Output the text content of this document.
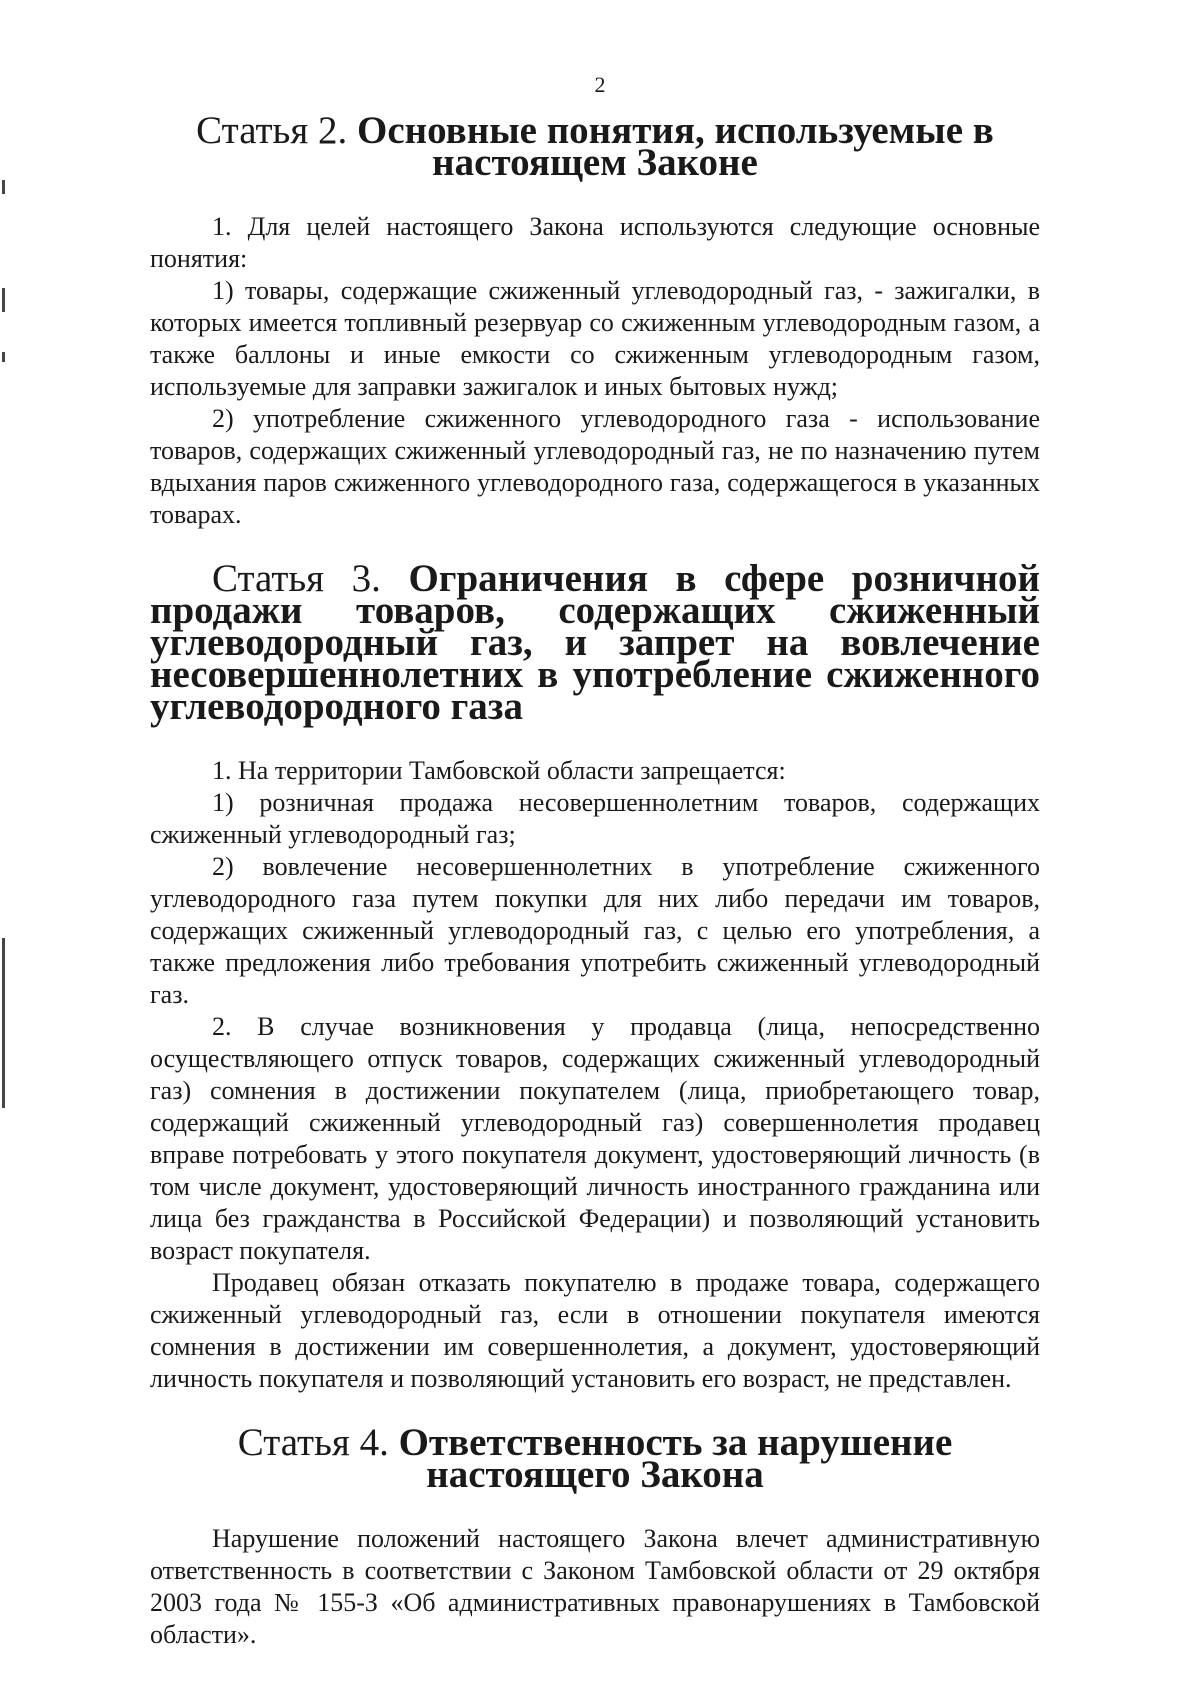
2
Статья 2. Основные понятия, используемые в настоящем Законе

1. Для целей настоящего Закона используются следующие основные понятия:

1) товары, содержащие сжиженный углеводородный газ, - зажигалки, в которых имеется топливный резервуар со сжиженным углеводородным газом, а также баллоны и иные емкости со сжиженным углеводородным газом, используемые для заправки зажигалок и иных бытовых нужд;

2) употребление сжиженного углеводородного газа - использование товаров, содержащих сжиженный углеводородный газ, не по назначению путем вдыхания паров сжиженного углеводородного газа, содержащегося в указанных товарах.

Статья 3. Ограничения в сфере розничной продажи товаров, содержащих сжиженный углеводородный газ, и запрет на вовлечение несовершеннолетних в употребление сжиженного углеводородного газа

1. На территории Тамбовской области запрещается:

1) розничная продажа несовершеннолетним товаров, содержащих сжиженный углеводородный газ;

2) вовлечение несовершеннолетних в употребление сжиженного углеводородного газа путем покупки для них либо передачи им товаров, содержащих сжиженный углеводородный газ, с целью его употребления, а также предложения либо требования употребить сжиженный углеводородный газ.

2. В случае возникновения у продавца (лица, непосредственно осуществляющего отпуск товаров, содержащих сжиженный углеводородный газ) сомнения в достижении покупателем (лица, приобретающего товар, содержащий сжиженный углеводородный газ) совершеннолетия продавец вправе потребовать у этого покупателя документ, удостоверяющий личность (в том числе документ, удостоверяющий личность иностранного гражданина или лица без гражданства в Российской Федерации) и позволяющий установить возраст покупателя.

Продавец обязан отказать покупателю в продаже товара, содержащего сжиженный углеводородный газ, если в отношении покупателя имеются сомнения в достижении им совершеннолетия, а документ, удостоверяющий личность покупателя и позволяющий установить его возраст, не представлен.

Статья 4. Ответственность за нарушение настоящего Закона

Нарушение положений настоящего Закона влечет административную ответственность в соответствии с Законом Тамбовской области от 29 октября 2003 года № 155-З «Об административных правонарушениях в Тамбовской области».
